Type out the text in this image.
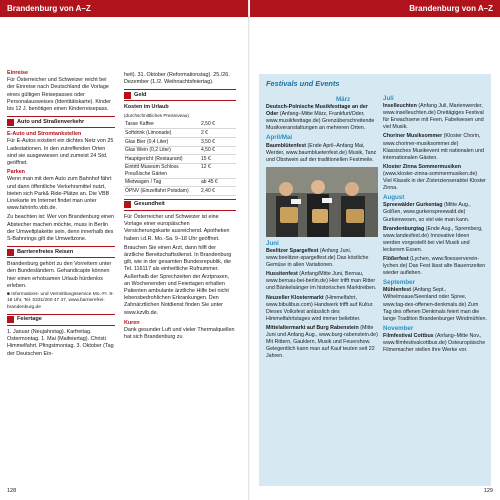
Brandenburg von A–Z

Einreise
Für Österreicher und Schweizer reicht bei der Einreise nach Deutschland die Vorlage eines gültigen Reisepasses oder Personalausweises (Identitätskarte). Kinder bis 12 J. benötigen einen Kinderreisepass.

Auto und Straßenverkehr

E-Auto und Stromtankstellen
Für E-Autos existiert ein dichtes Netz von 25 Ladestationen. In den zutreffenden Orten sind sie ausgewiesen und zumeist 24 Std. geöffnet.

Parken
Wenn man mit dem Auto zum Bahnhof fährt und dann öffentliche Verkehrsmittel nutzt, bieten sich Park& Ride-Plätze an. Die VBB Linekarte im Internet findet man unter www.fahrinfo.vbb.de.

Zu beachten ist: Wer von Brandenburg einen Abstecher machen möchte, muss in Berlin der Umweltplakette sein, denn innerhalb des S-Bahnrings gilt die Umweltzone.

Barrierefreies Reisen

Brandenburg gehört zu den Vorreitern unter den Bundesländern. Gehandicapte können hier einen erholsamen Urlaub hürdenlos erleben.

■ Informations- und Vermittlungsservice Mo.-Fr. 9-18 Uhr, Tel. 0331/200 47 47, www.barrierefrei-brandenburg.de

Feiertage

1. Januar (Neujahrstag). Karfreitag. Ostermontag. 1. Mai (Maifeiertag). Christi Himmelfahrt. Pfingstmontag. 3. Oktober (Tag der Deutschen Ein-

heit). 31. Oktober (Reformationstag). 25./26. Dezember (1./2. Weihnachtsfeiertag).

Geld
Kosten im Urlaub
(durchschnittliches Preisniveau)
Tasse Kaffee	2,50 €
Softdrink (Limonade)	2 €
Glas Bier (0,4 Liter)	3,50 €
Glas Wein (0,2 Liter)	4,50 €
Hauptgericht (Restaurant)	15 €
Eintritt Museum Schloss Preußische Gärten	12 €
Mietwagen / Tag	ab 45 €
ÖPNV (Einzelfahrt Potsdam)	2,40 €
Gesundheit

Für Österreicher und Schweizer ist eine Vorlage einer europäischen Versicherungskarte ausreichend. Apotheken haben i.d.R. Mo.-Sa. 9–18 Uhr geöffnet.

Brauchen Sie einen Arzt, dann hilft der ärztliche Bereitschaftsdienst. In Brandenburg gilt, wie in der gesamten Bundesrepublik, die Tel. 116117 als einheitliche Rufnummer. Außerhalb der Sprechzeiten der Arztpraxen, an Wochenenden und Feiertagen erhalten Patienten ambulante ärztliche Hilfe bei nicht lebensbedrohlichen Erkrankungen. Den Zahnärztlichen Notdienst finden Sie unter www.kzvlb.de.

Kuren
Dank gesunder Luft und vieler Thermalquellen hat sich Brandenburg zu

128
Brandenburg von A–Z
Festivals und Events
März

Deutsch-Polnische Musikfesttage an der Oder (Anfang–Mitte März, Frankfurt/Oder, www.musikfesttage.de) Grenzüberschreitende Musikveranstaltungen an mehreren Orten.

April/Mai

Baumblütenfest (Ende April–Anfang Mai, Werder, www.baumbluetenfest.de) Musik, Tanz und Obstwein auf der traditionellen Festmeile.

Juni

Beelitzer Spargelfest (Anfang Juni, www.beelitzer-spargelfest.de) Das köstliche Gemüse in allen Variationen.

Hussitenfest (Anfang/Mitte Juni, Bernau, www.bernau-bei-berlin.de) Hier trifft man Ritter und Bänkelsänger im historischen Marktreiben.

Neuzeller Klostermarkt (Himmelfahrt, www.bibulibus.com) Handwerk trifft auf Kultur. Dieses Volksfest anlässlich des Himmelfahrtstages wird immer beliebter.

Mittelaltermarkt auf Burg Rabenstein (Mitte Juni und Anfang Aug., www.burg-rabenstein.de) Mit Rittern, Gauklern, Musik und Feuershow. Gelegentlich kann man auf Kauf teuten seit 22 Jahren.

Juli

Inselleuchten (Anfang Juli, Marienwerder, www.inselleuchten.de) Dreitägiges Festival für Erwachsene mit Feen, Fabelwesen und viel Musik.

Choriner Musiksommer (Kloster Chorin, www.choriner-musiksommer.de) Klassisches Musikevent mit nationalen und internationalen Gästen.

Kloster Zinna Sommermusiken (www.kloster-zinna-sommermusiken.de) Viel Klassik in der Zisterzienserabtei Kloster Zinna.

August

Spreewälder Gurkentag (Mitte Aug., Golßen, www.gurkenspreewald.de) Gurkenwesen, so viel wie man kann.

Brandenburgtag (Ende Aug., Spremberg, www.landesfest.de) Innovative Ideen werden vorgestellt bei viel Musik und leckerem Essen.

Flößerfest (Lychen, www.floesserverein-lychen.de) Das Fest lässt alte Bauernzeiten wieder aufleben.

September

Mühlenfest (Anfang Sept., Wilhelmsaue/Seenland oder Spree, www.tag-des-offenen-denkmals.de) Zum Tag des offenen Denkmals feiert man die lange Tradition Brandenburger Windmühlen.

November

Filmfestival Cottbus (Anfang–Mitte Nov., www.filmfestivalcottbus.de) Osteuropäische Filmemacher stellen ihre Werke vor.

129
